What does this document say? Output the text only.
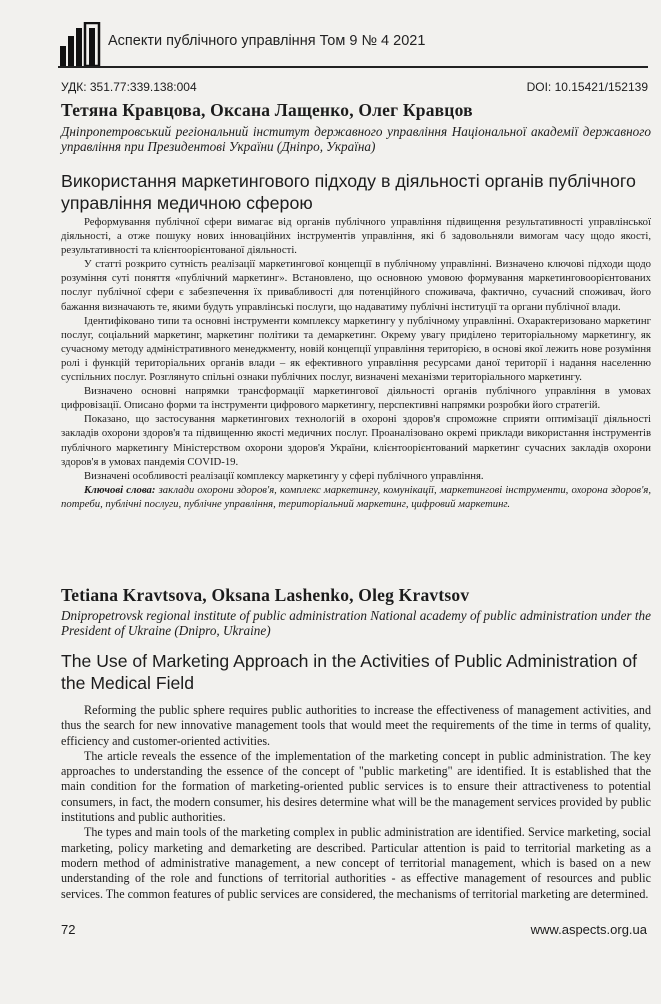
Аспекти публічного управління Том 9 № 4 2021
УДК: 351.77:339.138:004	DOI: 10.15421/152139
Тетяна Кравцова, Оксана Лащенко, Олег Кравцов
Дніпропетровський регіональний інститут державного управління Національної академії державного управління при Президентові України (Дніпро, Україна)
Використання маркетингового підходу в діяльності органів публічного управління медичною сферою

Реформування публічної сфери вимагає від органів публічного управління підвищення результативності управлінської діяльності, а отже пошуку нових інноваційних інструментів управління, які б задовольняли вимогам часу щодо якості, результативності та клієнтоорієнтованої діяльності.

У статті розкрито сутність реалізації маркетингової концепції в публічному управлінні. Визначено ключові підходи щодо розуміння суті поняття «публічний маркетинг». Встановлено, що основною умовою формування маркетинговоорієнтованих послуг публічної сфери є забезпечення їх привабливості для потенційного споживача, фактично, сучасний споживач, його бажання визначають те, якими будуть управлінські послуги, що надаватиму публічні інституції та органи публічної влади.

Ідентифіковано типи та основні інструменти комплексу маркетингу у публічному управлінні. Охарактеризовано маркетинг послуг, соціальний маркетинг, маркетинг політики та демаркетинг. Окрему увагу приділено територіальному маркетингу, як сучасному методу адміністративного менеджменту, новій концепції управління територією, в основі якої лежить нове розуміння ролі і функцій територіальних органів влади – як ефективного управління ресурсами даної території і надання населенню суспільних послуг. Розглянуто спільні ознаки публічних послуг, визначені механізми територіального маркетингу.

Визначено основні напрямки трансформації маркетингової діяльності органів публічного управління в умовах цифровізації. Описано форми та інструменти цифрового маркетингу, перспективні напрямки розробки його стратегій.

Показано, що застосування маркетингових технологій в охороні здоров'я спроможне сприяти оптимізації діяльності закладів охорони здоров'я та підвищенню якості медичних послуг. Проаналізовано окремі приклади використання інструментів публічного маркетингу Міністерством охорони здоров'я України, клієнтоорієнтований маркетинг сучасних закладів охорони здоров'я в умовах пандемія COVID-19.

Визначені особливості реалізації комплексу маркетингу у сфері публічного управління.

Ключові слова: заклади охорони здоров'я, комплекс маркетингу, комунікації, маркетингові інструменти, охорона здоров'я, потреби, публічні послуги, публічне управління, територіальний маркетинг, цифровий маркетинг.

Tetiana Kravtsova, Oksana Lashenko, Oleg Kravtsov
Dnipropetrovsk regional institute of public administration National academy of public administration under the President of Ukraine (Dnipro, Ukraine)
The Use of Marketing Approach in the Activities of Public Administration of the Medical Field

Reforming the public sphere requires public authorities to increase the effectiveness of management activities, and thus the search for new innovative management tools that would meet the requirements of the time in terms of quality, efficiency and customer-oriented activities.

The article reveals the essence of the implementation of the marketing concept in public administration. The key approaches to understanding the essence of the concept of "public marketing" are identified. It is established that the main condition for the formation of marketing-oriented public services is to ensure their attractiveness to potential consumers, in fact, the modern consumer, his desires determine what will be the management services provided by public institutions and public authorities.

The types and main tools of the marketing complex in public administration are identified. Service marketing, social marketing, policy marketing and demarketing are described. Particular attention is paid to territorial marketing as a modern method of administrative management, a new concept of territorial management, which is based on a new understanding of the role and functions of territorial authorities - as effective management of resources and public services. The common features of public services are considered, the mechanisms of territorial marketing are determined.

72	www.aspects.org.ua
